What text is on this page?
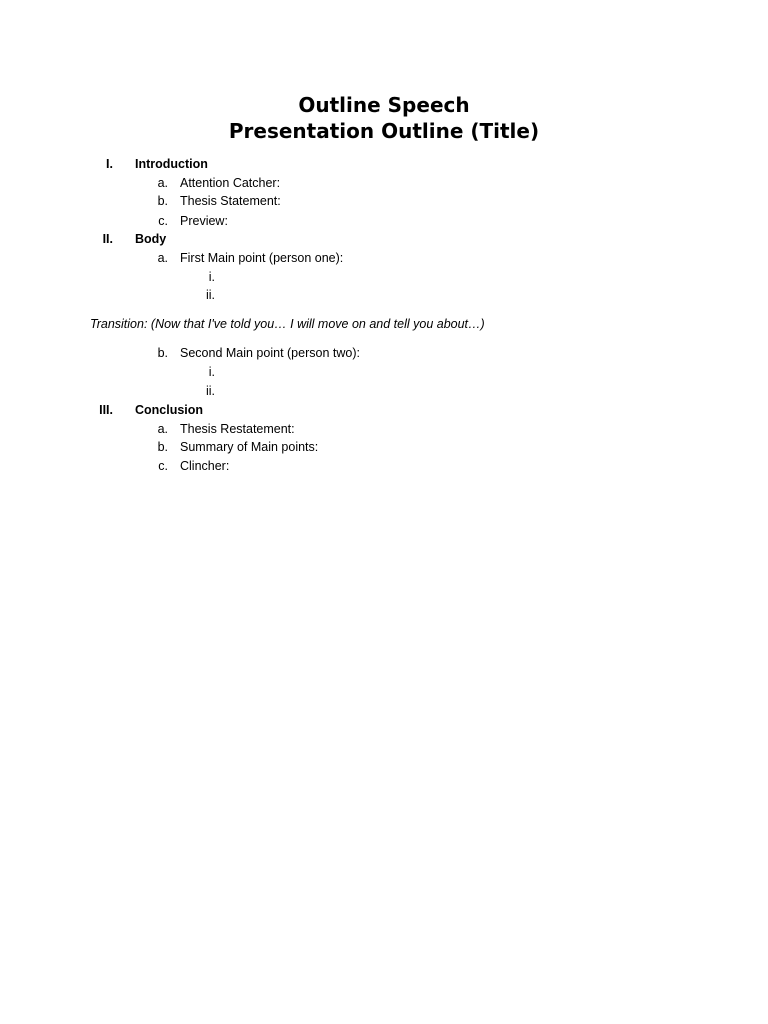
Outline Speech
Presentation Outline (Title)
I. Introduction
a. Attention Catcher:
b. Thesis Statement:
c. Preview:
II. Body
a. First Main point (person one):
i.
ii.
Transition: (Now that I've told you… I will move on and tell you about…)
b. Second Main point (person two):
i.
ii.
III. Conclusion
a. Thesis Restatement:
b. Summary of Main points:
c. Clincher:
